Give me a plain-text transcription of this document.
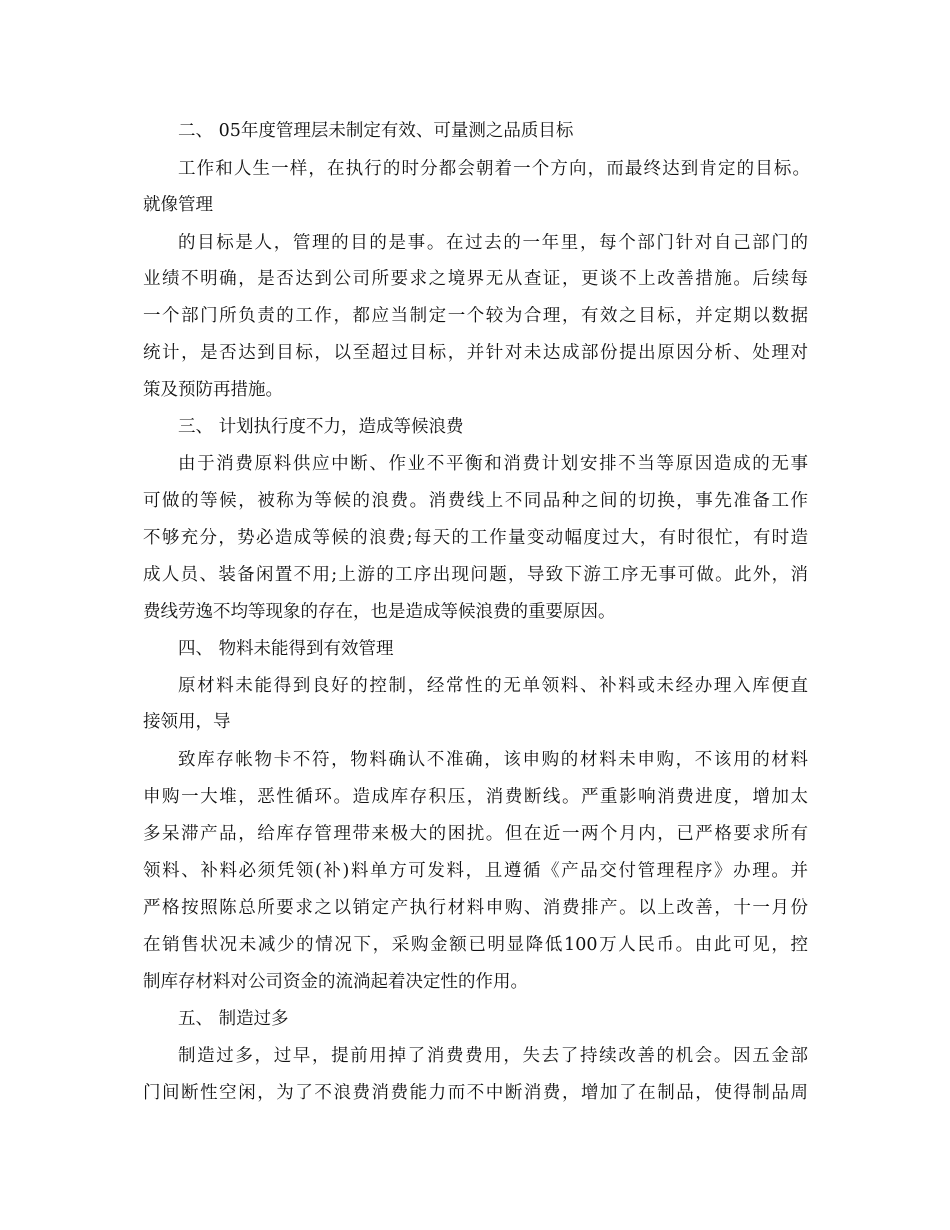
二、 05年度管理层未制定有效、可量测之品质目标
工作和人生一样，在执行的时分都会朝着一个方向，而最终达到肯定的目标。
就像管理
的目标是人，管理的目的是事。在过去的一年里，每个部门针对自己部门的
业绩不明确，是否达到公司所要求之境界无从查证，更谈不上改善措施。后续每
一个部门所负责的工作，都应当制定一个较为合理，有效之目标，并定期以数据
统计，是否达到目标，以至超过目标，并针对未达成部份提出原因分析、处理对
策及预防再措施。
三、 计划执行度不力，造成等候浪费
由于消费原料供应中断、作业不平衡和消费计划安排不当等原因造成的无事
可做的等候，被称为等候的浪费。消费线上不同品种之间的切换，事先准备工作
不够充分，势必造成等候的浪费;每天的工作量变动幅度过大，有时很忙，有时造
成人员、装备闲置不用;上游的工序出现问题，导致下游工序无事可做。此外，消
费线劳逸不均等现象的存在，也是造成等候浪费的重要原因。
四、 物料未能得到有效管理
原材料未能得到良好的控制，经常性的无单领料、补料或未经办理入库便直
接领用，导
致库存帐物卡不符，物料确认不准确，该申购的材料未申购，不该用的材料
申购一大堆，恶性循环。造成库存积压，消费断线。严重影响消费进度，增加太
多呆滞产品，给库存管理带来极大的困扰。但在近一两个月内，已严格要求所有
领料、补料必须凭领(补)料单方可发料，且遵循《产品交付管理程序》办理。并
严格按照陈总所要求之以销定产执行材料申购、消费排产。以上改善，十一月份
在销售状况未减少的情况下，采购金额已明显降低100万人民币。由此可见，控
制库存材料对公司资金的流淌起着决定性的作用。
五、 制造过多
制造过多，过早，提前用掉了消费费用，失去了持续改善的机会。因五金部
门间断性空闲，为了不浪费消费能力而不中断消费，增加了在制品，使得制品周
